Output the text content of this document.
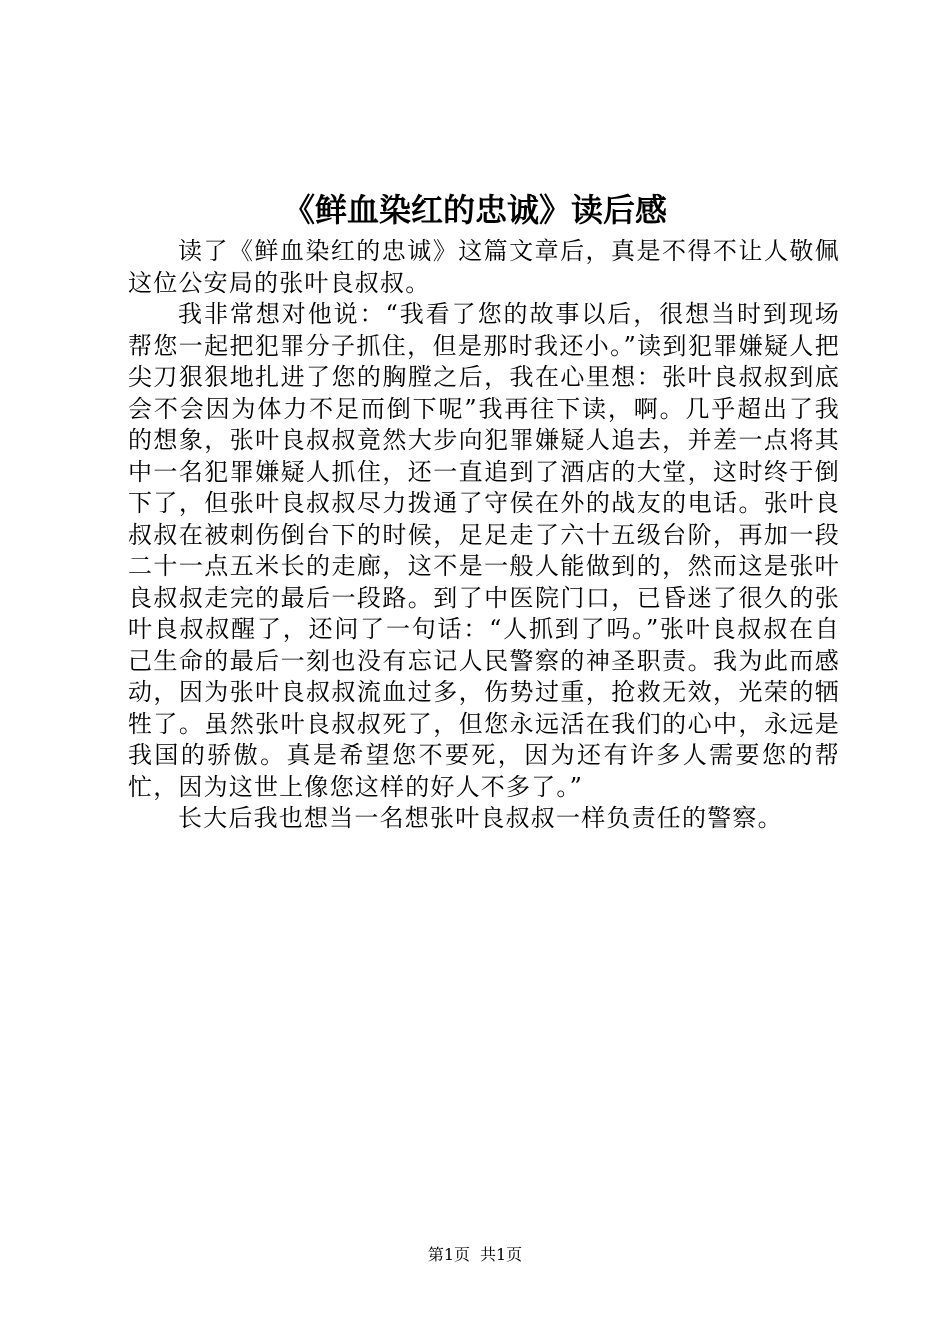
《鲜血染红的忠诚》读后感

读了《鲜血染红的忠诚》这篇文章后，真是不得不让人敬佩这位公安局的张叶良叔叔。

我非常想对他说：“我看了您的故事以后，很想当时到现场帮您一起把犯罪分子抓住，但是那时我还小。”读到犯罪嫌疑人把尖刀狠狠地扎进了您的胸膛之后，我在心里想：张叶良叔叔到底会不会因为体力不足而倒下呢”我再往下读，啊。几乎超出了我的想象，张叶良叔叔竟然大步向犯罪嫌疑人追去，并差一点将其中一名犯罪嫌疑人抓住，还一直追到了酒店的大堂，这时终于倒下了，但张叶良叔叔尽力拨通了守侯在外的战友的电话。张叶良叔叔在被刺伤倒台下的时候，足足走了六十五级台阶，再加一段二十一点五米长的走廊，这不是一般人能做到的，然而这是张叶良叔叔走完的最后一段路。到了中医院门口，已昏迷了很久的张叶良叔叔醒了，还问了一句话：“人抓到了吗。”张叶良叔叔在自己生命的最后一刻也没有忘记人民警察的神圣职责。我为此而感动，因为张叶良叔叔流血过多，伤势过重，抢救无效，光荣的牺牲了。虽然张叶良叔叔死了，但您永远活在我们的心中，永远是我国的骄傲。真是希望您不要死，因为还有许多人需要您的帮忙，因为这世上像您这样的好人不多了。”

长大后我也想当一名想张叶良叔叔一样负责任的警察。

第1页 共1页
